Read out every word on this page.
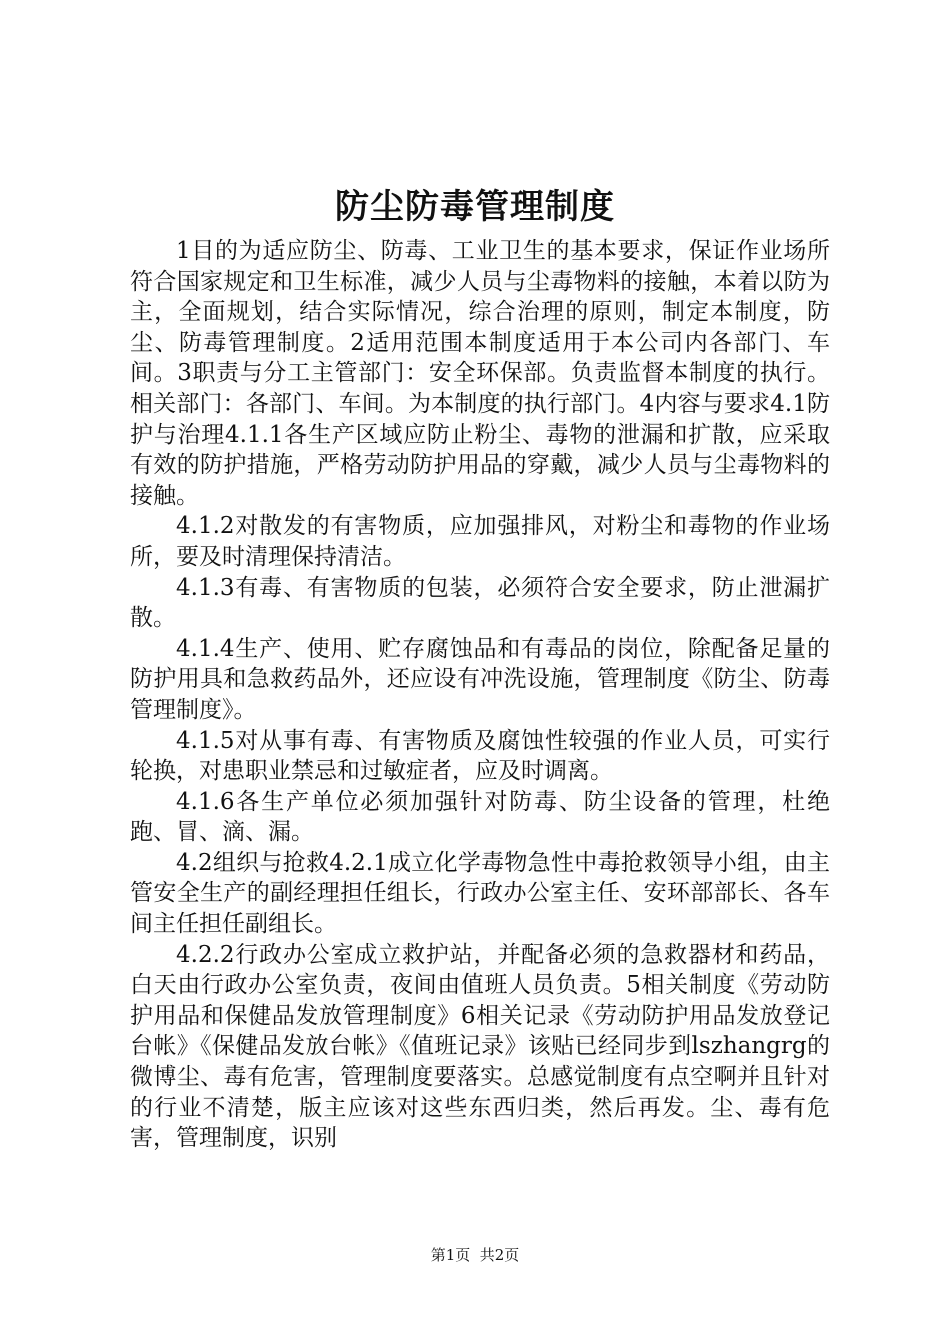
防尘防毒管理制度

1目的为适应防尘、防毒、工业卫生的基本要求，保证作业场所符合国家规定和卫生标准，减少人员与尘毒物料的接触，本着以防为主，全面规划，结合实际情况，综合治理的原则，制定本制度，防尘、防毒管理制度。2适用范围本制度适用于本公司内各部门、车间。3职责与分工主管部门：安全环保部。负责监督本制度的执行。相关部门：各部门、车间。为本制度的执行部门。4内容与要求4.1防护与治理4.1.1各生产区域应防止粉尘、毒物的泄漏和扩散，应采取有效的防护措施，严格劳动防护用品的穿戴，减少人员与尘毒物料的接触。

4.1.2对散发的有害物质，应加强排风，对粉尘和毒物的作业场所，要及时清理保持清洁。

4.1.3有毒、有害物质的包装，必须符合安全要求，防止泄漏扩散。

4.1.4生产、使用、贮存腐蚀品和有毒品的岗位，除配备足量的防护用具和急救药品外，还应设有冲洗设施，管理制度《防尘、防毒管理制度》。

4.1.5对从事有毒、有害物质及腐蚀性较强的作业人员，可实行轮换，对患职业禁忌和过敏症者，应及时调离。

4.1.6各生产单位必须加强针对防毒、防尘设备的管理，杜绝跑、冒、滴、漏。

4.2组织与抢救4.2.1成立化学毒物急性中毒抢救领导小组，由主管安全生产的副经理担任组长，行政办公室主任、安环部部长、各车间主任担任副组长。

4.2.2行政办公室成立救护站，并配备必须的急救器材和药品，白天由行政办公室负责，夜间由值班人员负责。5相关制度《劳动防护用品和保健品发放管理制度》6相关记录《劳动防护用品发放登记台帐》《保健品发放台帐》《值班记录》该贴已经同步到lszhangrg的微博尘、毒有危害，管理制度要落实。总感觉制度有点空啊并且针对的行业不清楚，版主应该对这些东西归类，然后再发。尘、毒有危害，管理制度，识别

第1页  共2页
